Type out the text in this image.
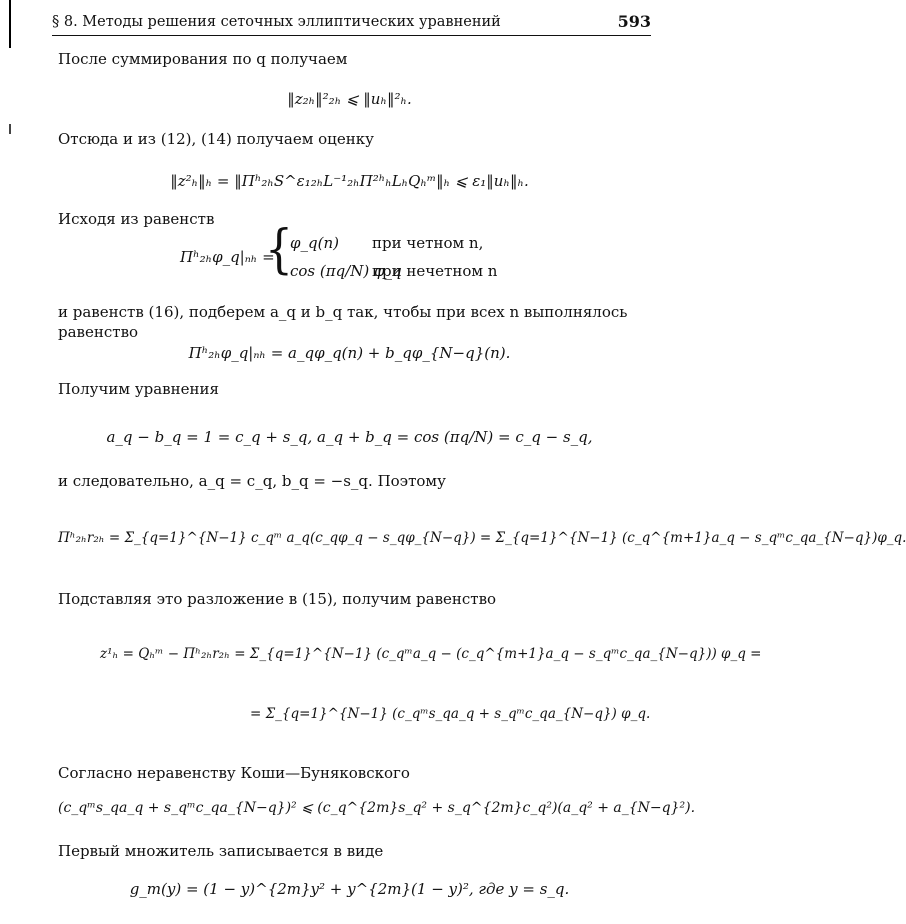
§ 8. Методы решения сеточных эллиптических уравнений	593
После суммирования по q получаем
‖z₂ₕ‖²₂ₕ ⩽ ‖uₕ‖²ₕ.
Отсюда и из (12), (14) получаем оценку
‖z²ₕ‖ₕ = ‖Πʰ₂ₕS^ε₁₂ₕL⁻¹₂ₕΠ²ʰₕLₕQₕᵐ‖ₕ ⩽ ε₁‖uₕ‖ₕ.
Исходя из равенств
Πʰ₂ₕφ_q|ₙₕ =
{
φ_q(n) при четном n,
cos (πq/N) φ_q
при нечетном n
и равенств (16), подберем a_q и b_q так, чтобы при всех n выполнялось равенство
Πʰ₂ₕφ_q|ₙₕ = a_qφ_q(n) + b_qφ_{N−q}(n).
Получим уравнения
a_q − b_q = 1 = c_q + s_q, a_q + b_q = cos (πq/N) = c_q − s_q,
и следовательно, a_q = c_q, b_q = −s_q. Поэтому
Πʰ₂ₕr₂ₕ = Σ_{q=1}^{N−1} c_qᵐ a_q(c_qφ_q − s_qφ_{N−q}) = Σ_{q=1}^{N−1} (c_q^{m+1}a_q − s_qᵐc_qa_{N−q})φ_q.
Подставляя это разложение в (15), получим равенство
z¹ₕ = Qₕᵐ − Πʰ₂ₕr₂ₕ = Σ_{q=1}^{N−1} (c_qᵐa_q − (c_q^{m+1}a_q − s_qᵐc_qa_{N−q})) φ_q =
= Σ_{q=1}^{N−1} (c_qᵐs_qa_q + s_qᵐc_qa_{N−q}) φ_q.
Согласно неравенству Коши—Буняковского
(c_qᵐs_qa_q + s_qᵐc_qa_{N−q})² ⩽ (c_q^{2m}s_q² + s_q^{2m}c_q²)(a_q² + a_{N−q}²).
Первый множитель записывается в виде
g_m(y) = (1 − y)^{2m}y² + y^{2m}(1 − y)², где y = s_q.
